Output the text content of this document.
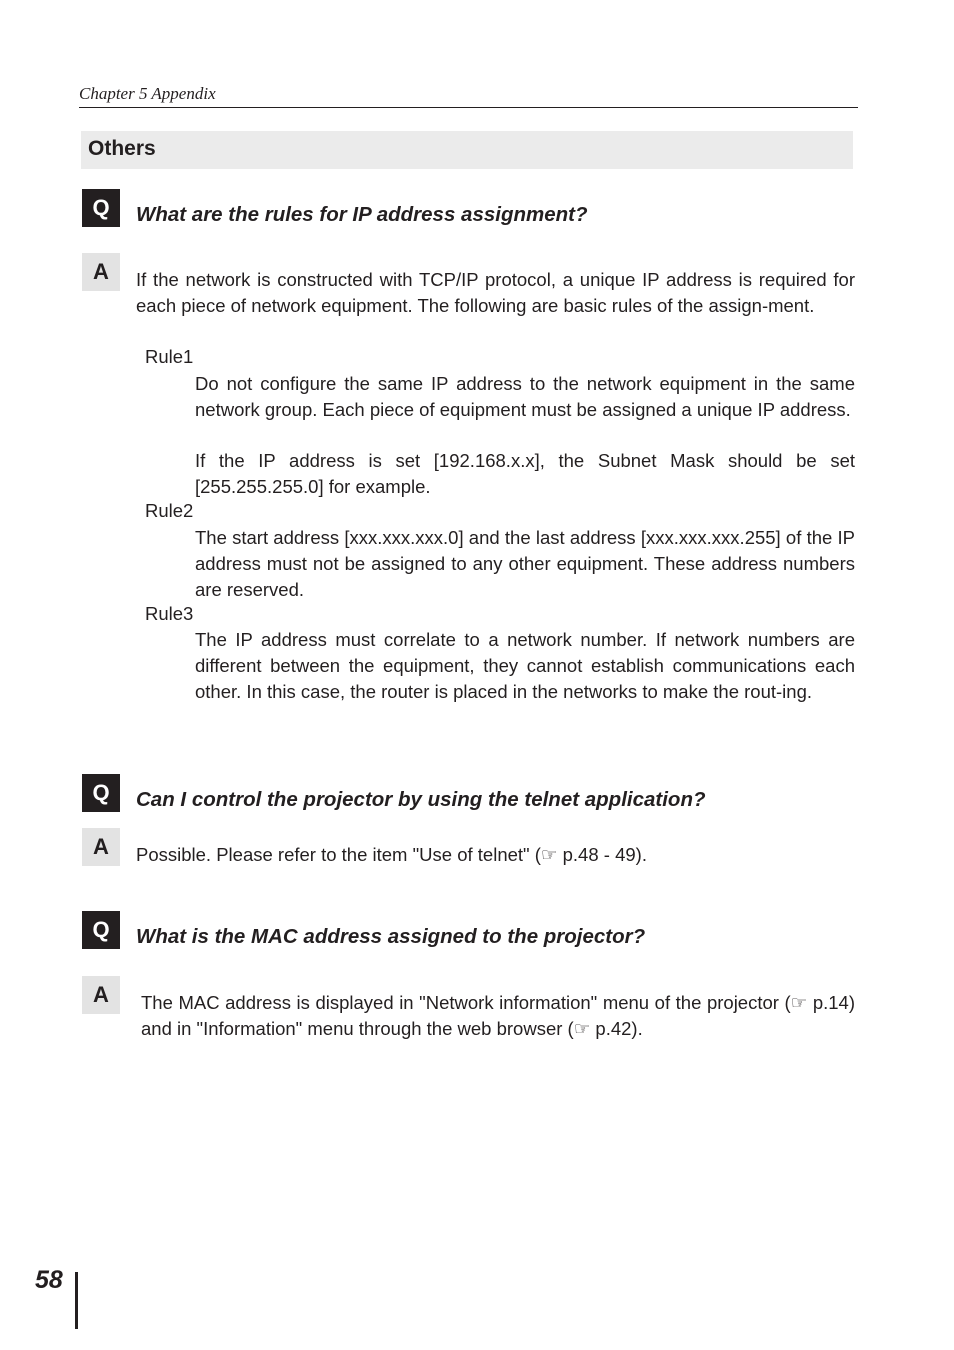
Chapter 5 Appendix
Others
Q	What are the rules for IP address assignment?
A	If the network is constructed with TCP/IP protocol, a unique IP address is required for each piece of network equipment. The following are basic rules of the assign-ment.
Rule1
Do not configure the same IP address to the network equipment in the same network group. Each piece of equipment must be assigned a unique IP address.
If the IP address is set [192.168.x.x], the Subnet Mask should be set [255.255.255.0] for example.
Rule2
The start address [xxx.xxx.xxx.0] and the last address [xxx.xxx.xxx.255] of the IP address must not be assigned to any other equipment. These address numbers are reserved.
Rule3
The IP address must correlate to a network number. If network numbers are different between the equipment, they cannot establish communications each other. In this case, the router is placed in the networks to make the rout-ing.
Q	Can I control the projector by using the telnet application?
A	Possible. Please refer to the item "Use of telnet" (☞ p.48 - 49).
Q	What is the MAC address assigned to the projector?
A	The MAC address is displayed in "Network information" menu of the projector (☞ p.14) and in "Information" menu through the web browser (☞ p.42).
58
